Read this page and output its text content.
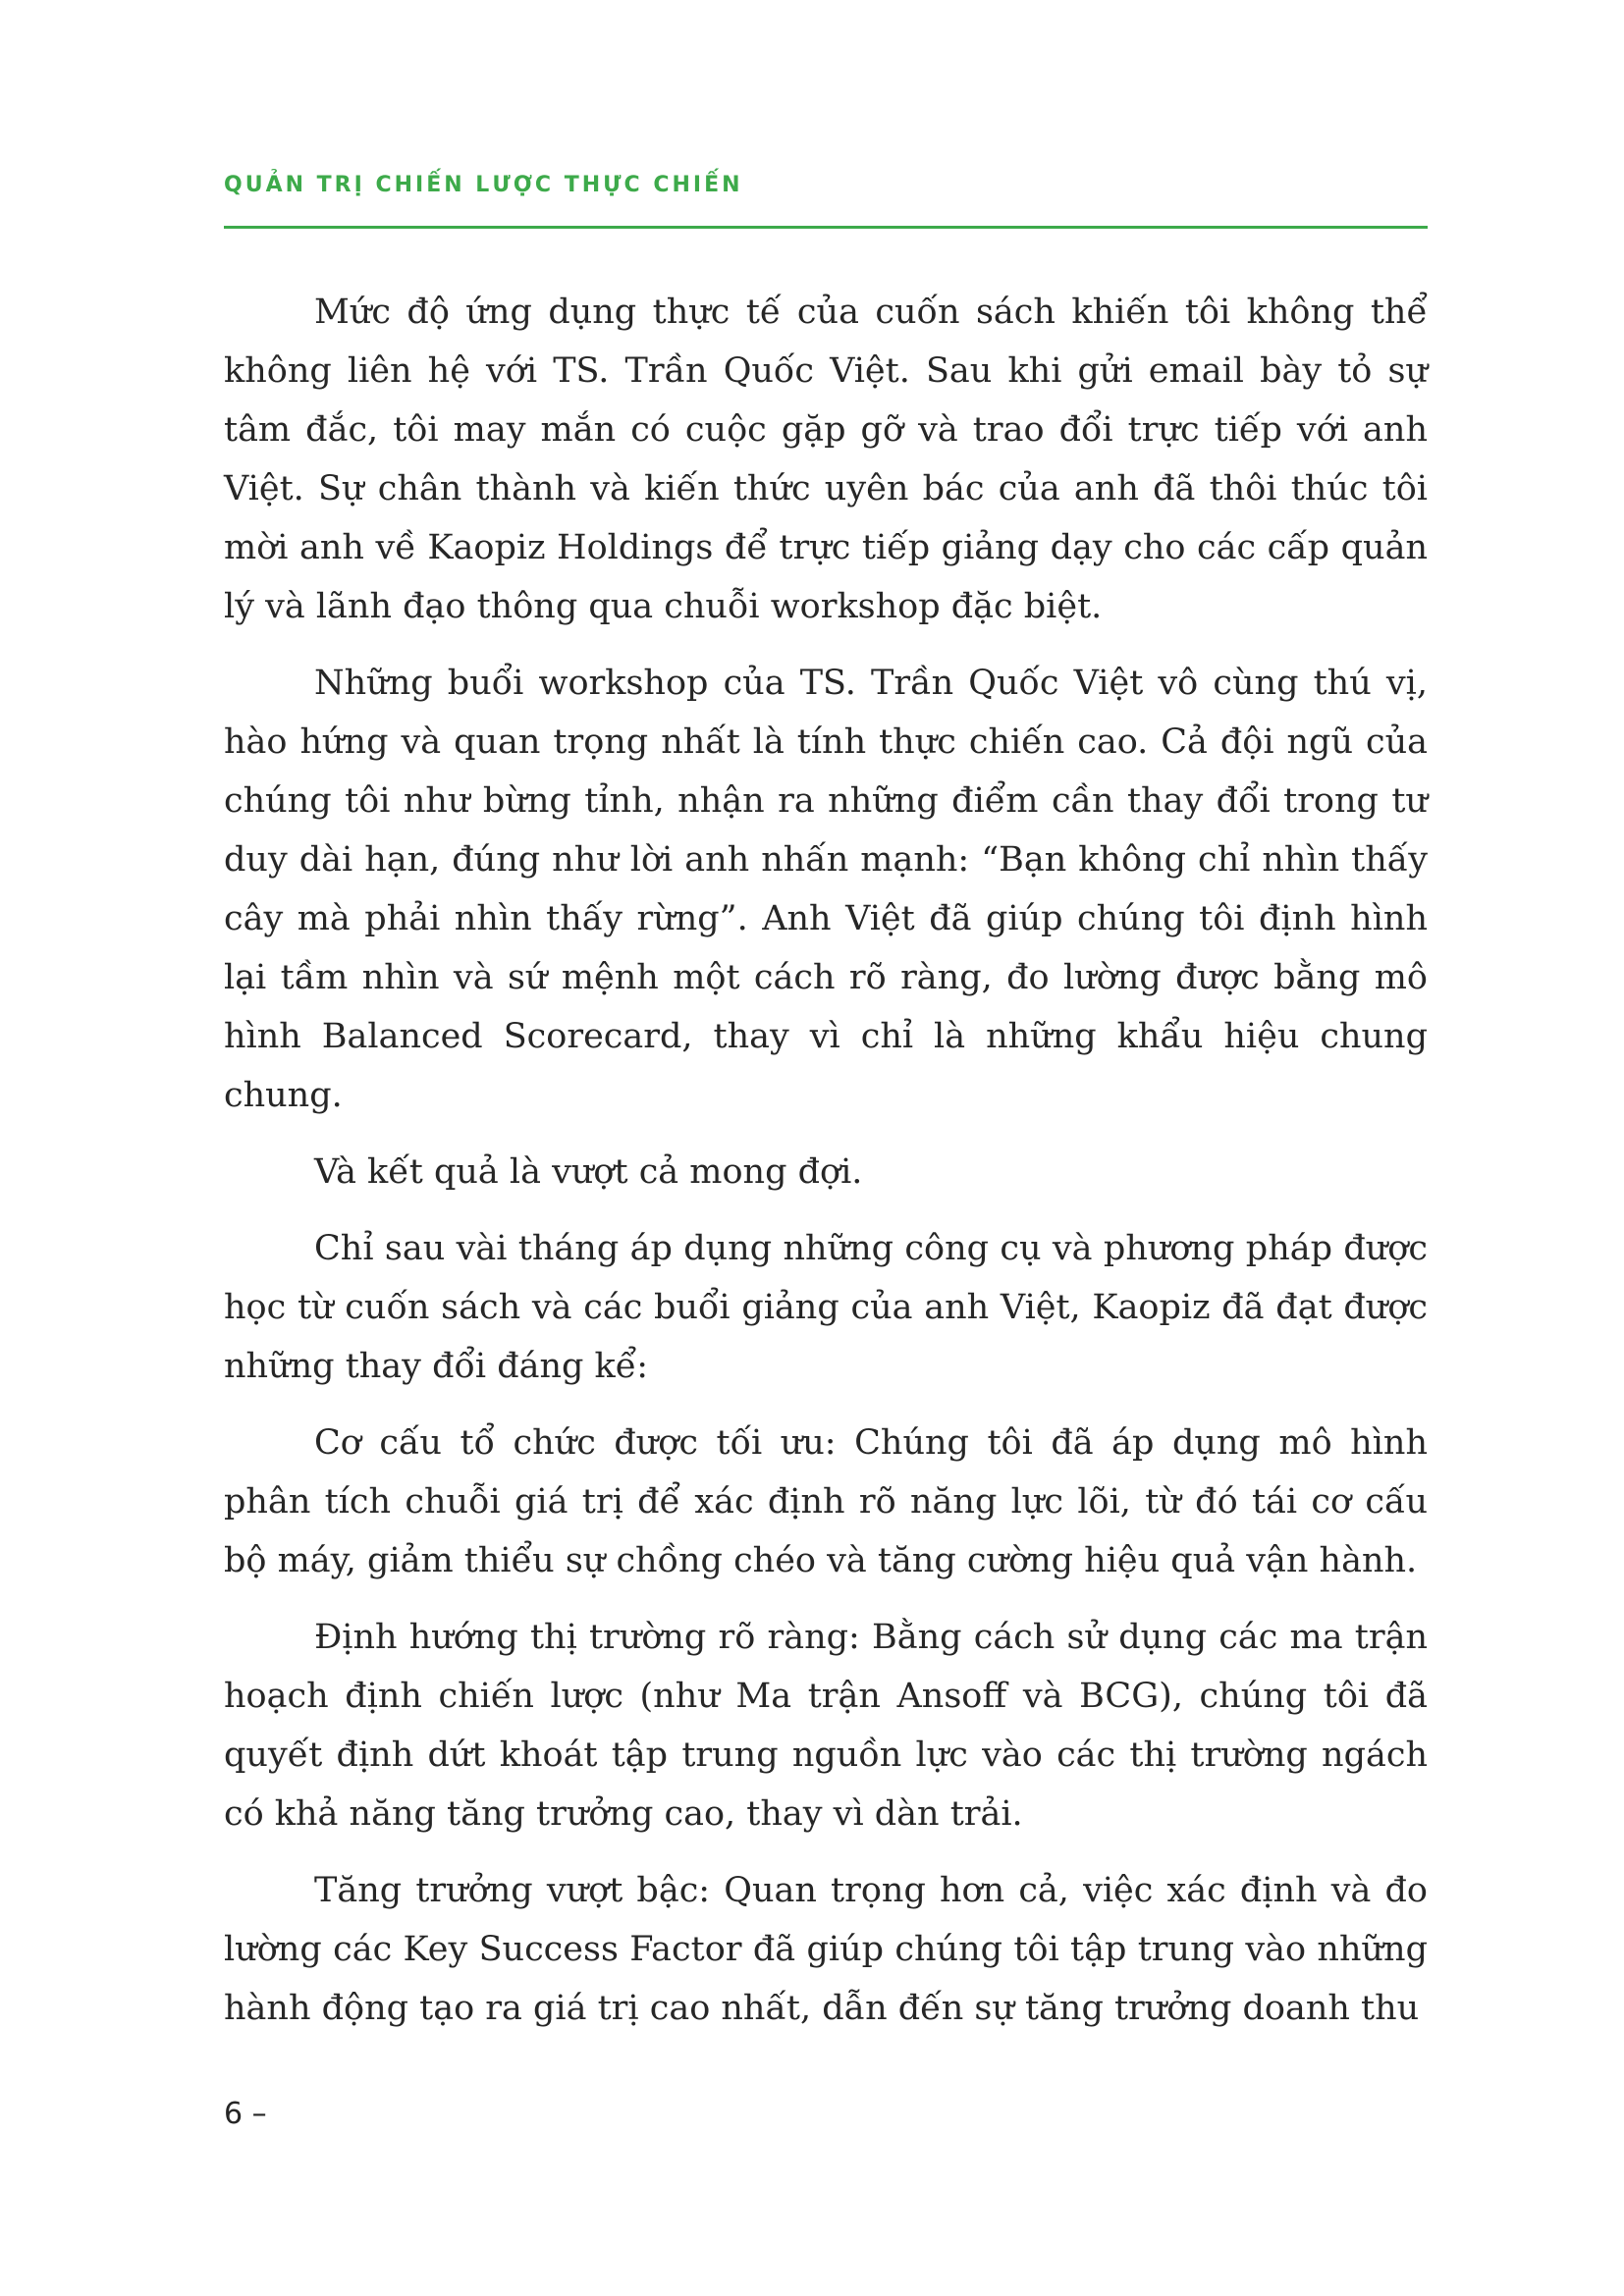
QUẢN TRỊ CHIẾN LƯỢC THỰC CHIẾN

Mức độ ứng dụng thực tế của cuốn sách khiến tôi không thể không liên hệ với TS. Trần Quốc Việt. Sau khi gửi email bày tỏ sự tâm đắc, tôi may mắn có cuộc gặp gỡ và trao đổi trực tiếp với anh Việt. Sự chân thành và kiến thức uyên bác của anh đã thôi thúc tôi mời anh về Kaopiz Holdings để trực tiếp giảng dạy cho các cấp quản lý và lãnh đạo thông qua chuỗi workshop đặc biệt.

Những buổi workshop của TS. Trần Quốc Việt vô cùng thú vị, hào hứng và quan trọng nhất là tính thực chiến cao. Cả đội ngũ của chúng tôi như bừng tỉnh, nhận ra những điểm cần thay đổi trong tư duy dài hạn, đúng như lời anh nhấn mạnh: “Bạn không chỉ nhìn thấy cây mà phải nhìn thấy rừng”. Anh Việt đã giúp chúng tôi định hình lại tầm nhìn và sứ mệnh một cách rõ ràng, đo lường được bằng mô hình Balanced Scorecard, thay vì chỉ là những khẩu hiệu chung chung.

Và kết quả là vượt cả mong đợi.

Chỉ sau vài tháng áp dụng những công cụ và phương pháp được học từ cuốn sách và các buổi giảng của anh Việt, Kaopiz đã đạt được những thay đổi đáng kể:

Cơ cấu tổ chức được tối ưu: Chúng tôi đã áp dụng mô hình phân tích chuỗi giá trị để xác định rõ năng lực lõi, từ đó tái cơ cấu bộ máy, giảm thiểu sự chồng chéo và tăng cường hiệu quả vận hành.

Định hướng thị trường rõ ràng: Bằng cách sử dụng các ma trận hoạch định chiến lược (như Ma trận Ansoff và BCG), chúng tôi đã quyết định dứt khoát tập trung nguồn lực vào các thị trường ngách có khả năng tăng trưởng cao, thay vì dàn trải.

Tăng trưởng vượt bậc: Quan trọng hơn cả, việc xác định và đo lường các Key Success Factor đã giúp chúng tôi tập trung vào những hành động tạo ra giá trị cao nhất, dẫn đến sự tăng trưởng doanh thu

6 –
